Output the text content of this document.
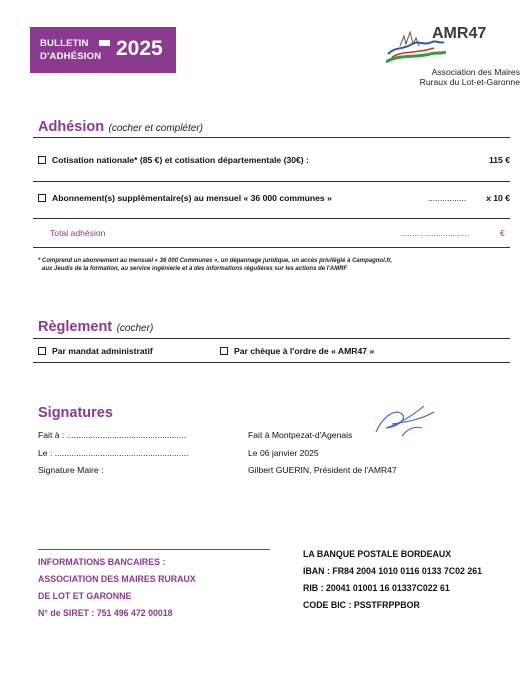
BULLETIN
D'ADHÉSION 2025
AMR47
Association des Maires
Ruraux du Lot-et-Garonne
Adhésion (cocher et compléter)
Cotisation nationale* (85 €) et cotisation départementale (30€) :	115 €
Abonnement(s) supplémentaire(s) au mensuel « 36 000 communes »	................	x 10 €
Total adhésion	.............................	€
* Comprend un abonnement au mensuel « 36 000 Communes », un dépannage juridique, un accès privilégié à Campagnol.fr,
aux Jeudis de la formation, au service ingénierie et à des informations régulières sur les actions de l'AMRF
Règlement (cocher)
Par mandat administratif	Par chèque à l'ordre de « AMR47 »
Signatures
Fait à : ..................................................
Le : ........................................................
Signature Maire :
Fait à Montpezat-d'Agenais
Le 06 janvier 2025
Gilbert GUERIN, Président de l'AMR47
INFORMATIONS BANCAIRES :
ASSOCIATION DES MAIRES RURAUX
DE LOT ET GARONNE
N° de SIRET : 751 496 472 00018
LA BANQUE POSTALE BORDEAUX
IBAN : FR84 2004 1010 0116 0133 7C02 261
RIB : 20041 01001 16 01337C022 61
CODE BIC : PSSTFRPPBOR
